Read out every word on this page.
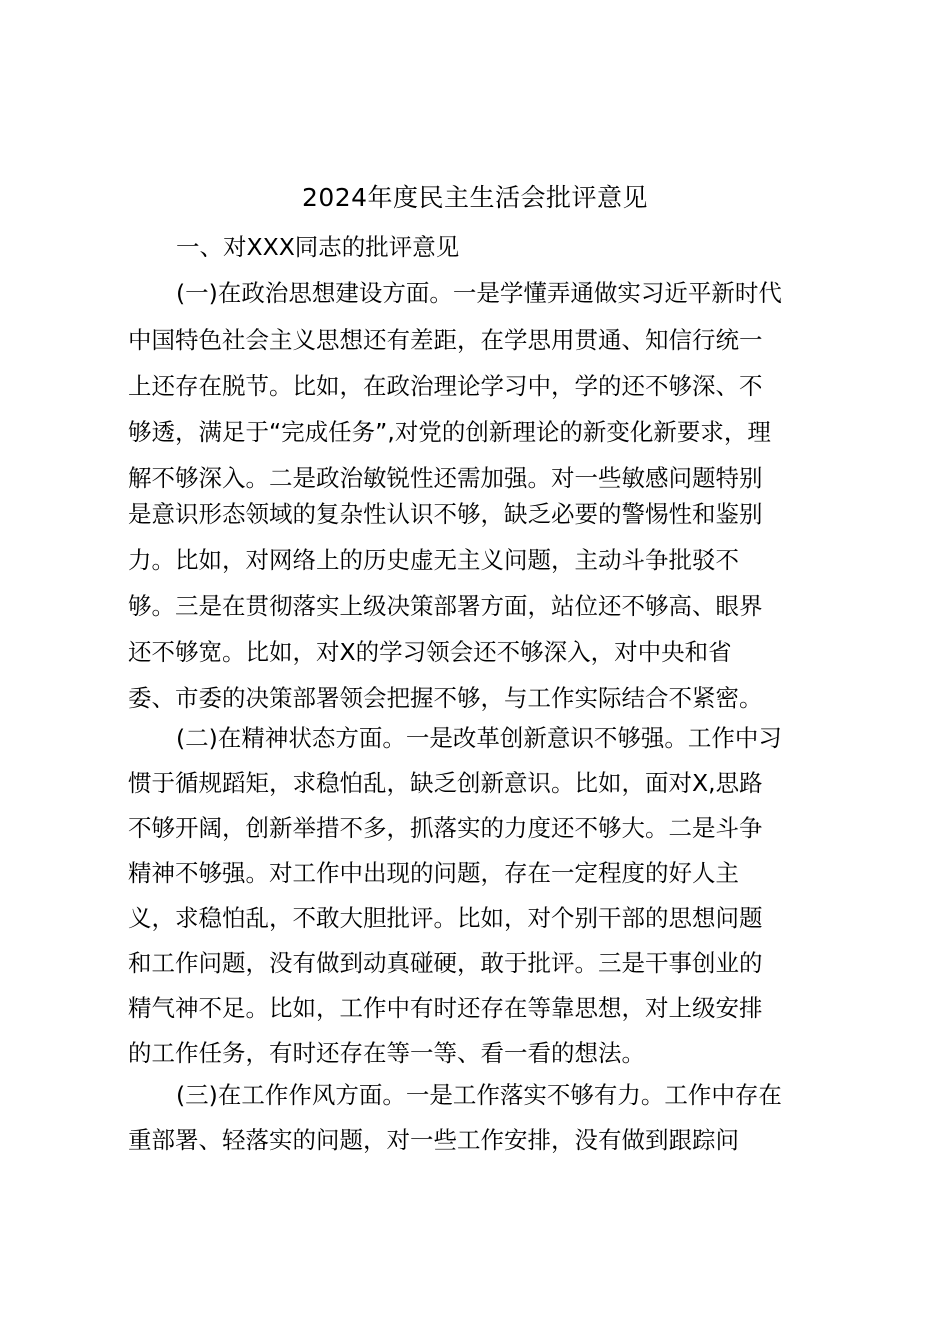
2024年度民主生活会批评意见
一、对XXX同志的批评意见
(一)在政治思想建设方面。一是学懂弄通做实习近平新时代
中国特色社会主义思想还有差距，在学思用贯通、知信行统一
上还存在脱节。比如，在政治理论学习中，学的还不够深、不
够透，满足于“完成任务”,对党的创新理论的新变化新要求，理
解不够深入。二是政治敏锐性还需加强。对一些敏感问题特别
是意识形态领域的复杂性认识不够，缺乏必要的警惕性和鉴别
力。比如，对网络上的历史虚无主义问题，主动斗争批驳不
够。三是在贯彻落实上级决策部署方面，站位还不够高、眼界
还不够宽。比如，对X的学习领会还不够深入，对中央和省
委、市委的决策部署领会把握不够，与工作实际结合不紧密。
(二)在精神状态方面。一是改革创新意识不够强。工作中习
惯于循规蹈矩，求稳怕乱，缺乏创新意识。比如，面对X,思路
不够开阔，创新举措不多，抓落实的力度还不够大。二是斗争
精神不够强。对工作中出现的问题，存在一定程度的好人主
义，求稳怕乱，不敢大胆批评。比如，对个别干部的思想问题
和工作问题，没有做到动真碰硬，敢于批评。三是干事创业的
精气神不足。比如，工作中有时还存在等靠思想，对上级安排
的工作任务，有时还存在等一等、看一看的想法。
(三)在工作作风方面。一是工作落实不够有力。工作中存在
重部署、轻落实的问题，对一些工作安排，没有做到跟踪问
